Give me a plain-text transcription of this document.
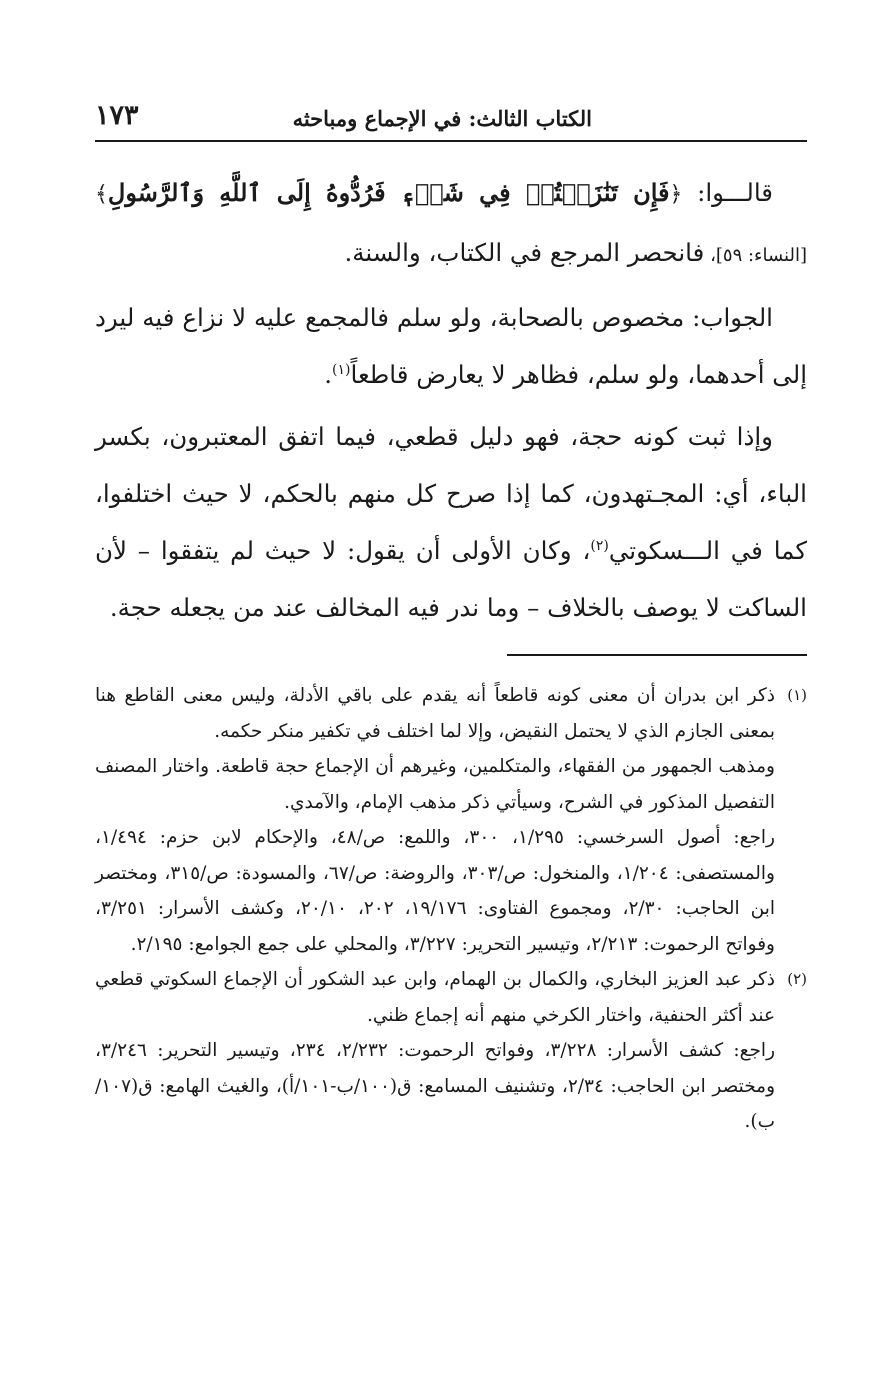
الكتاب الثالث: في الإجماع ومباحثه
١٧٣

قالـــوا: ﴿فَإِن تَنَٰزَعۡتُمۡ فِي شَيۡءٖ فَرُدُّوهُ إِلَى ٱللَّهِ وَٱلرَّسُولِ﴾ [النساء: ٥٩]، فانحصر المرجع في الكتاب، والسنة.

الجواب: مخصوص بالصحابة، ولو سلم فالمجمع عليه لا نزاع فيه ليرد إلى أحدهما، ولو سلم، فظاهر لا يعارض قاطعاً$^{(١)}$.

وإذا ثبت كونه حجة، فهو دليل قطعي، فيما اتفق المعتبرون، بكسر الباء، أي: المجـتهدون، كما إذا صرح كل منهم بالحكم، لا حيث اختلفوا، كما في الـــسكوتي$^{(٢)}$، وكان الأولى أن يقول: لا حيث لم يتفقوا – لأن الساكت لا يوصف بالخلاف – وما ندر فيه المخالف عند من يجعله حجة.

(١)

ذكر ابن بدران أن معنى كونه قاطعاً أنه يقدم على باقي الأدلة، وليس معنى القاطع هنا بمعنى الجازم الذي لا يحتمل النقيض، وإلا لما اختلف في تكفير منكر حكمه.

ومذهب الجمهور من الفقهاء، والمتكلمين، وغيرهم أن الإجماع حجة قاطعة. واختار المصنف التفصيل المذكور في الشرح، وسيأتي ذكر مذهب الإمام، والآمدي.

راجع: أصول السرخسي: ١/٢٩٥، ٣٠٠، واللمع: ص/٤٨، والإحكام لابن حزم: ١/٤٩٤، والمستصفى: ١/٢٠٤، والمنخول: ص/٣٠٣، والروضة: ص/٦٧، والمسودة: ص/٣١٥، ومختصر ابن الحاجب: ٢/٣٠، ومجموع الفتاوى: ١٩/١٧٦، ٢٠٢، ٢٠/١٠، وكشف الأسرار: ٣/٢٥١، وفواتح الرحموت: ٢/٢١٣، وتيسير التحرير: ٣/٢٢٧، والمحلي على جمع الجوامع: ٢/١٩٥.

(٢)

ذكر عبد العزيز البخاري، والكمال بن الهمام، وابن عبد الشكور أن الإجماع السكوتي قطعي عند أكثر الحنفية، واختار الكرخي منهم أنه إجماع ظني.

راجع: كشف الأسرار: ٣/٢٢٨، وفواتح الرحموت: ٢/٢٣٢، ٢٣٤، وتيسير التحرير: ٣/٢٤٦، ومختصر ابن الحاجب: ٢/٣٤، وتشنيف المسامع: ق(١٠٠/ب-١٠١/أ)، والغيث الهامع: ق(١٠٧/ب).
